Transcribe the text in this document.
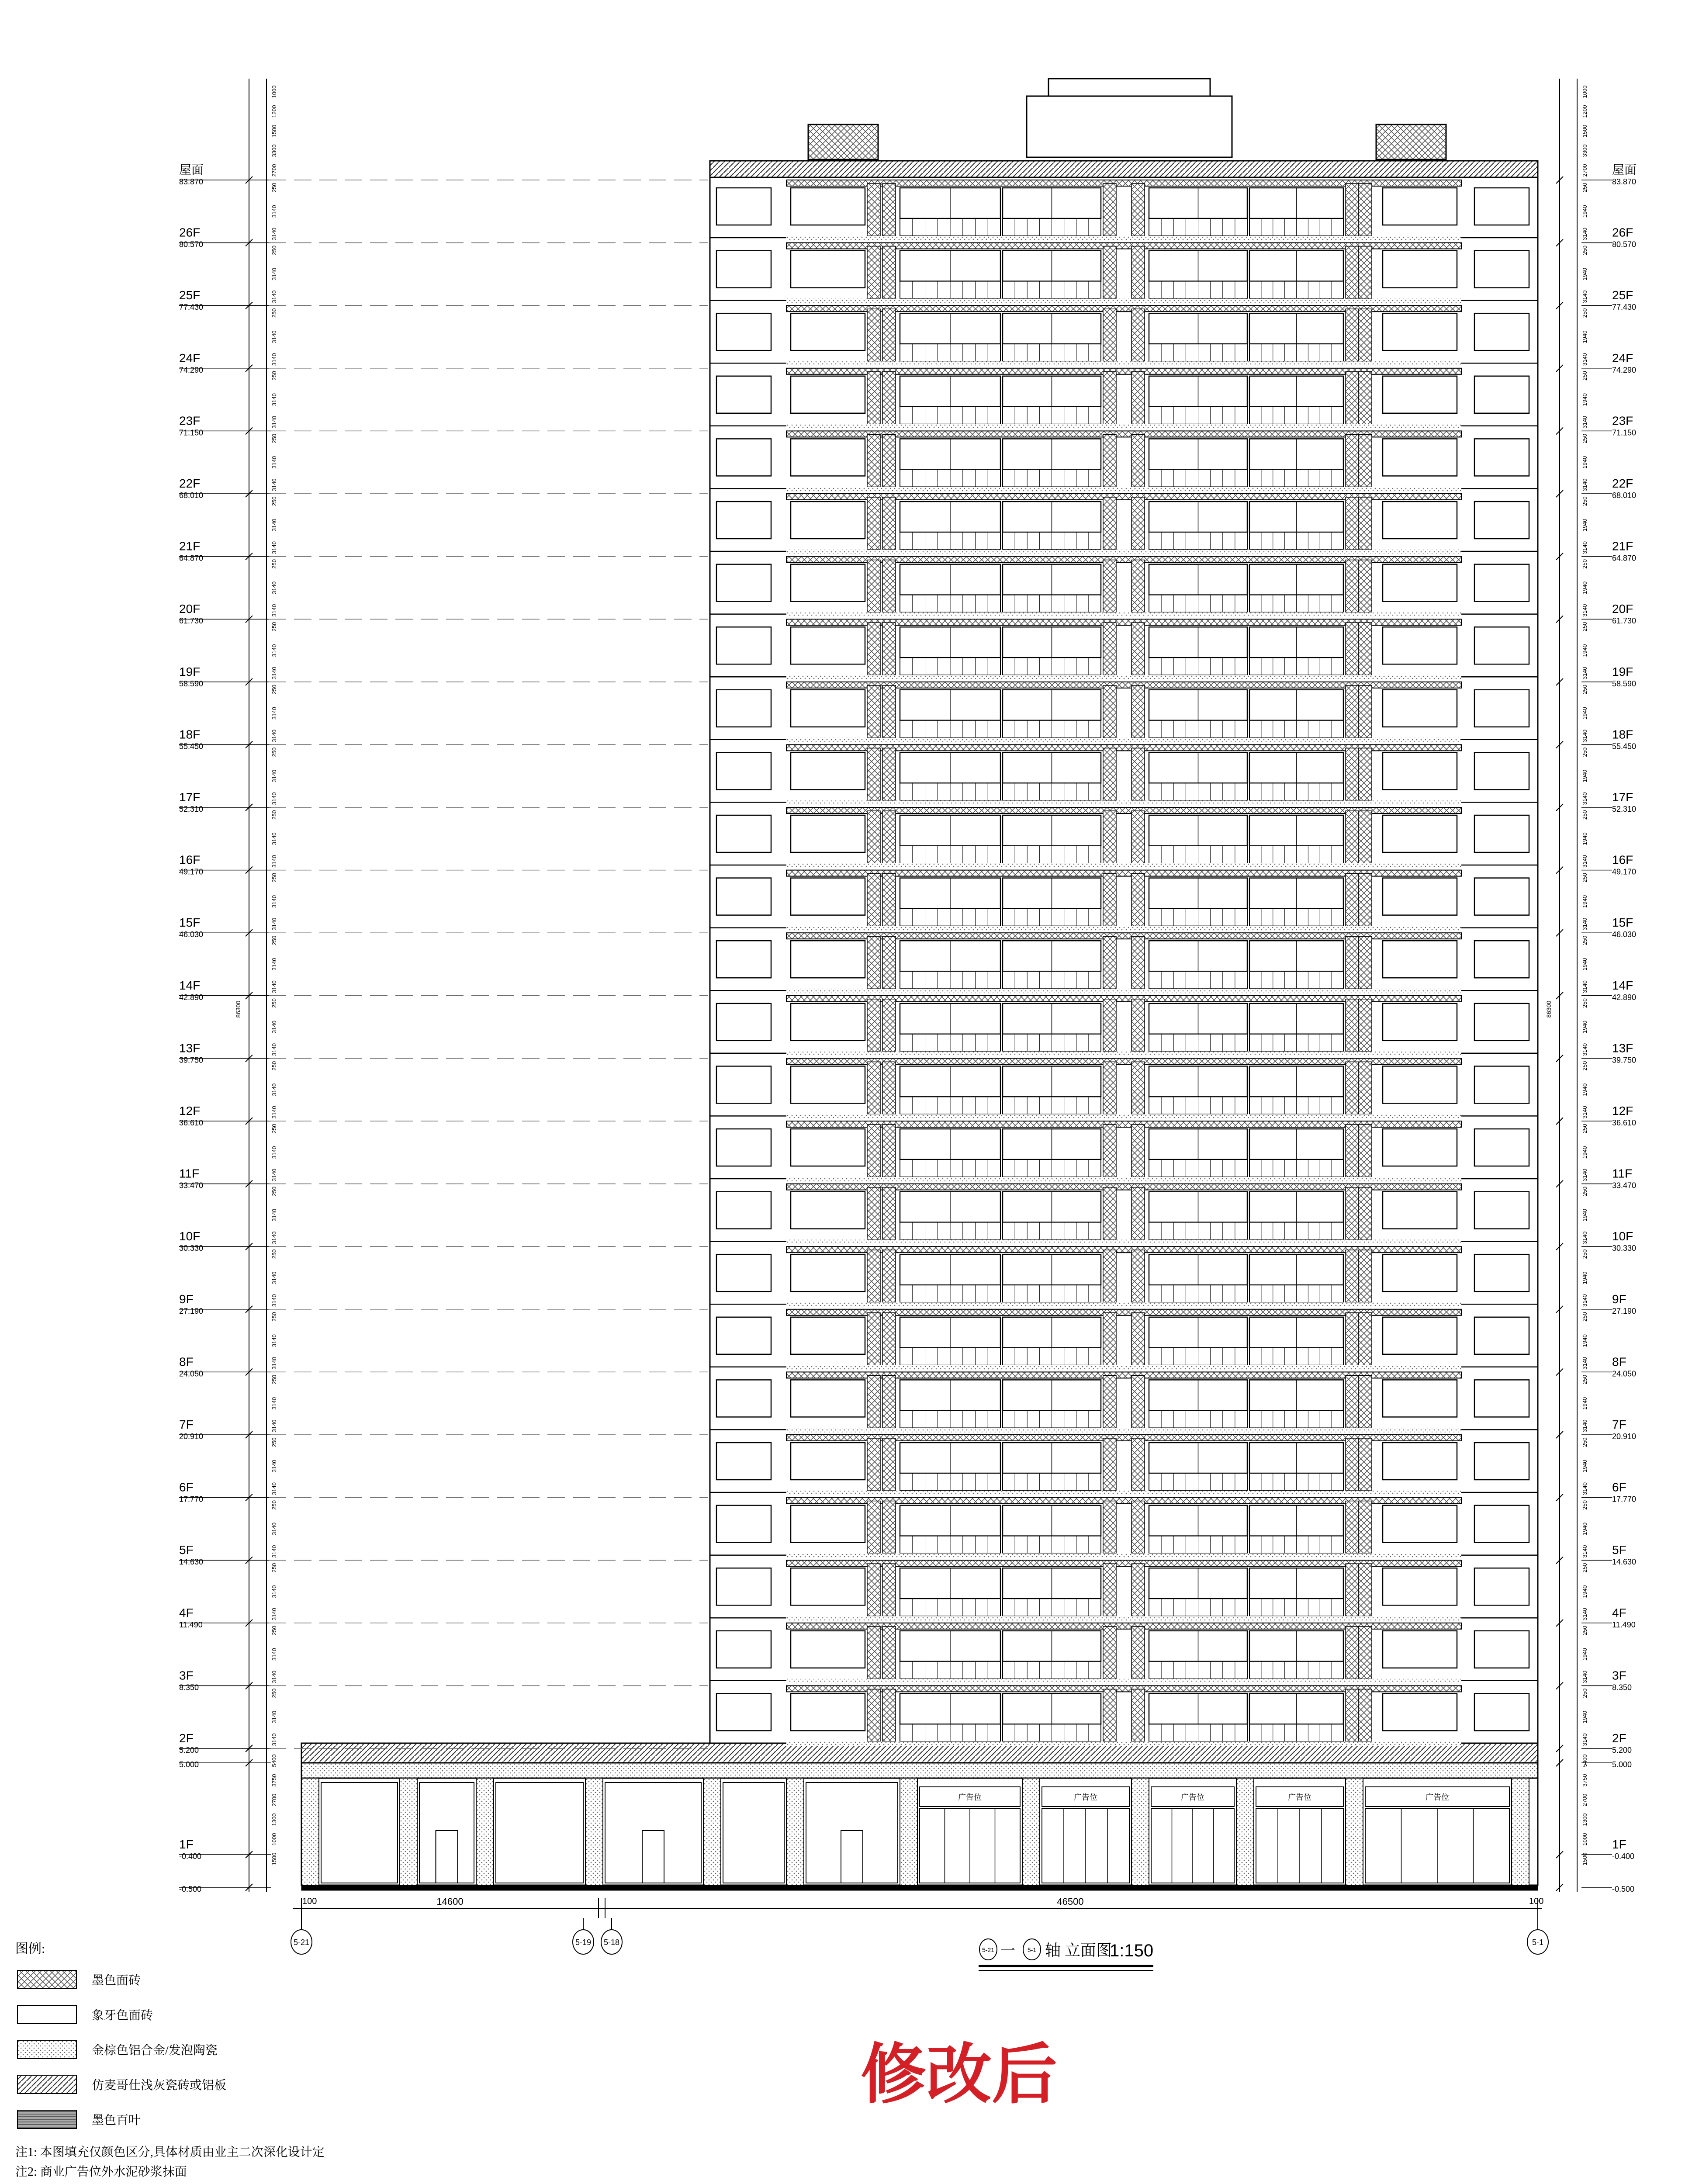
广告位	广告位	广告位	广告位	广告位
屋面
83.870
26F
80.570
25F
77.430
24F
74.290
23F
71.150
22F
68.010
21F
64.870
20F
61.730
19F
58.590
18F
55.450
17F
52.310
16F
49.170
15F
46.030
14F
42.890
13F
39.750
12F
36.610
11F
33.470
10F
30.330
9F
27.190
8F
24.050
7F
20.910
6F
17.770
5F
14.630
4F
11.490
3F
8.350
2F
5.200
5.000
1F
-0.400
-0.500
250
3140
3140
250
3140
3140
250
3140
3140
250
3140
3140
250
3140
3140
250
3140
3140
250
3140
3140
250
3140
3140
250
3140
3140
250
3140
3140
250
3140
3140
250
3140
3140
250
3140
3140
250
3140
3140
250
3140
3140
250
3140
3140
250
3140
3140
250
3140
3140
250
3140
3140
250
3140
3140
250
3140
3140
250
3140
3140
250
3140
3140
250
3140
3140
250
3140
3140
1000
1200
1500
3300
2700
5400
3750
2700
1300
1000
1500
86300
屋面
83.870
26F
80.570
25F
77.430
24F
74.290
23F
71.150
22F
68.010
21F
64.870
20F
61.730
19F
58.590
18F
55.450
17F
52.310
16F
49.170
15F
46.030
14F
42.890
13F
39.750
12F
36.610
11F
33.470
10F
30.330
9F
27.190
8F
24.050
7F
20.910
6F
17.770
5F
14.630
4F
11.490
3F
8.350
2F
5.200
5.000
1F
-0.400
-0.500
250
1940
3140
250
1940
3140
250
1940
3140
250
1940
3140
250
1940
3140
250
1940
3140
250
1940
3140
250
1940
3140
250
1940
3140
250
1940
3140
250
1940
3140
250
1940
3140
250
1940
3140
250
1940
3140
250
1940
3140
250
1940
3140
250
1940
3140
250
1940
3140
250
1940
3140
250
1940
3140
250
1940
3140
250
1940
3140
250
1940
3140
250
1940
3140
250
1940
3140
1000
1200
1500
3300
2700
5400
3750
2700
1300
1000
1500
86300
100	14600	46500	100
5-21	5-19 5-18	5-1
5-21 一 5-1 轴 立面图
1:150
图例:
墨色面砖
象牙色面砖
金棕色铝合金/发泡陶瓷
仿麦哥仕浅灰瓷砖或铝板
墨色百叶
注1: 本图填充仅颜色区分,具体材质由业主二次深化设计定
注2: 商业广告位外水泥砂浆抹面
修改后
